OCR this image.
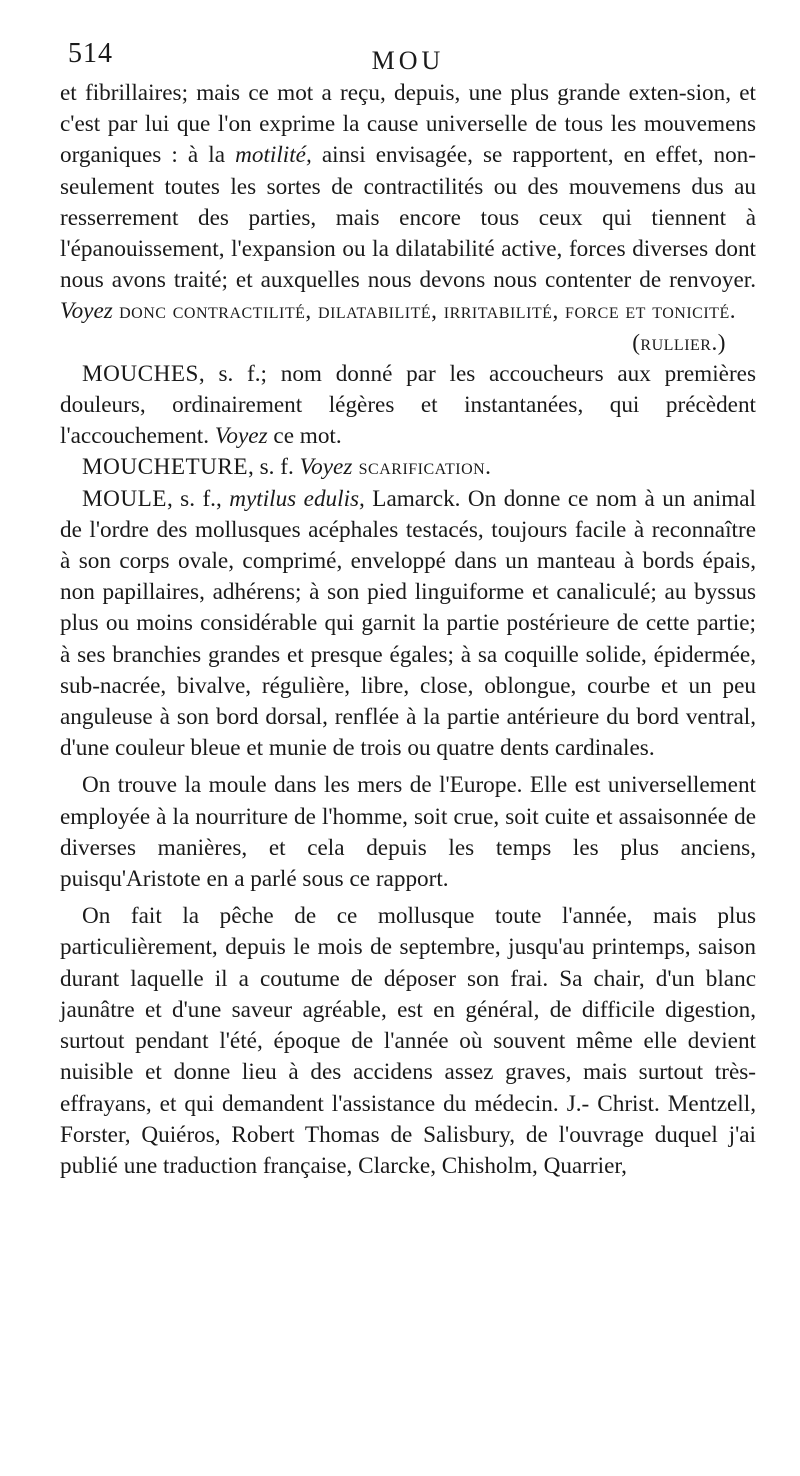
514	MOU

et fibrillaires; mais ce mot a reçu, depuis, une plus grande exten-sion, et c'est par lui que l'on exprime la cause universelle de tous les mouvemens organiques : à la motilité, ainsi envisagée, se rapportent, en effet, non-seulement toutes les sortes de contractilités ou des mouvemens dus au resserrement des parties, mais encore tous ceux qui tiennent à l'épanouissement, l'expansion ou la dilatabilité active, forces diverses dont nous avons traité; et auxquelles nous devons nous contenter de renvoyer. Voyez donc contractilité, dilatabilité, irritabilité, force et tonicité.

(rullier.)

MOUCHES, s. f.; nom donné par les accoucheurs aux premières douleurs, ordinairement légères et instantanées, qui précèdent l'accouchement. Voyez ce mot.

MOUCHETURE, s. f. Voyez scarification.

MOULE, s. f., mytilus edulis, Lamarck. On donne ce nom à un animal de l'ordre des mollusques acéphales testacés, toujours facile à reconnaître à son corps ovale, comprimé, enveloppé dans un manteau à bords épais, non papillaires, adhérens; à son pied linguiforme et canaliculé; au byssus plus ou moins considérable qui garnit la partie postérieure de cette partie; à ses branchies grandes et presque égales; à sa coquille solide, épidermée, sub-nacrée, bivalve, régulière, libre, close, oblongue, courbe et un peu anguleuse à son bord dorsal, renflée à la partie antérieure du bord ventral, d'une couleur bleue et munie de trois ou quatre dents cardinales.

On trouve la moule dans les mers de l'Europe. Elle est universellement employée à la nourriture de l'homme, soit crue, soit cuite et assaisonnée de diverses manières, et cela depuis les temps les plus anciens, puisqu'Aristote en a parlé sous ce rapport.

On fait la pêche de ce mollusque toute l'année, mais plus particulièrement, depuis le mois de septembre, jusqu'au printemps, saison durant laquelle il a coutume de déposer son frai. Sa chair, d'un blanc jaunâtre et d'une saveur agréable, est en général, de difficile digestion, surtout pendant l'été, époque de l'année où souvent même elle devient nuisible et donne lieu à des accidens assez graves, mais surtout très-effrayans, et qui demandent l'assistance du médecin. J.- Christ. Mentzell, Forster, Quiéros, Robert Thomas de Salisbury, de l'ouvrage duquel j'ai publié une traduction française, Clarcke, Chisholm, Quarrier,
